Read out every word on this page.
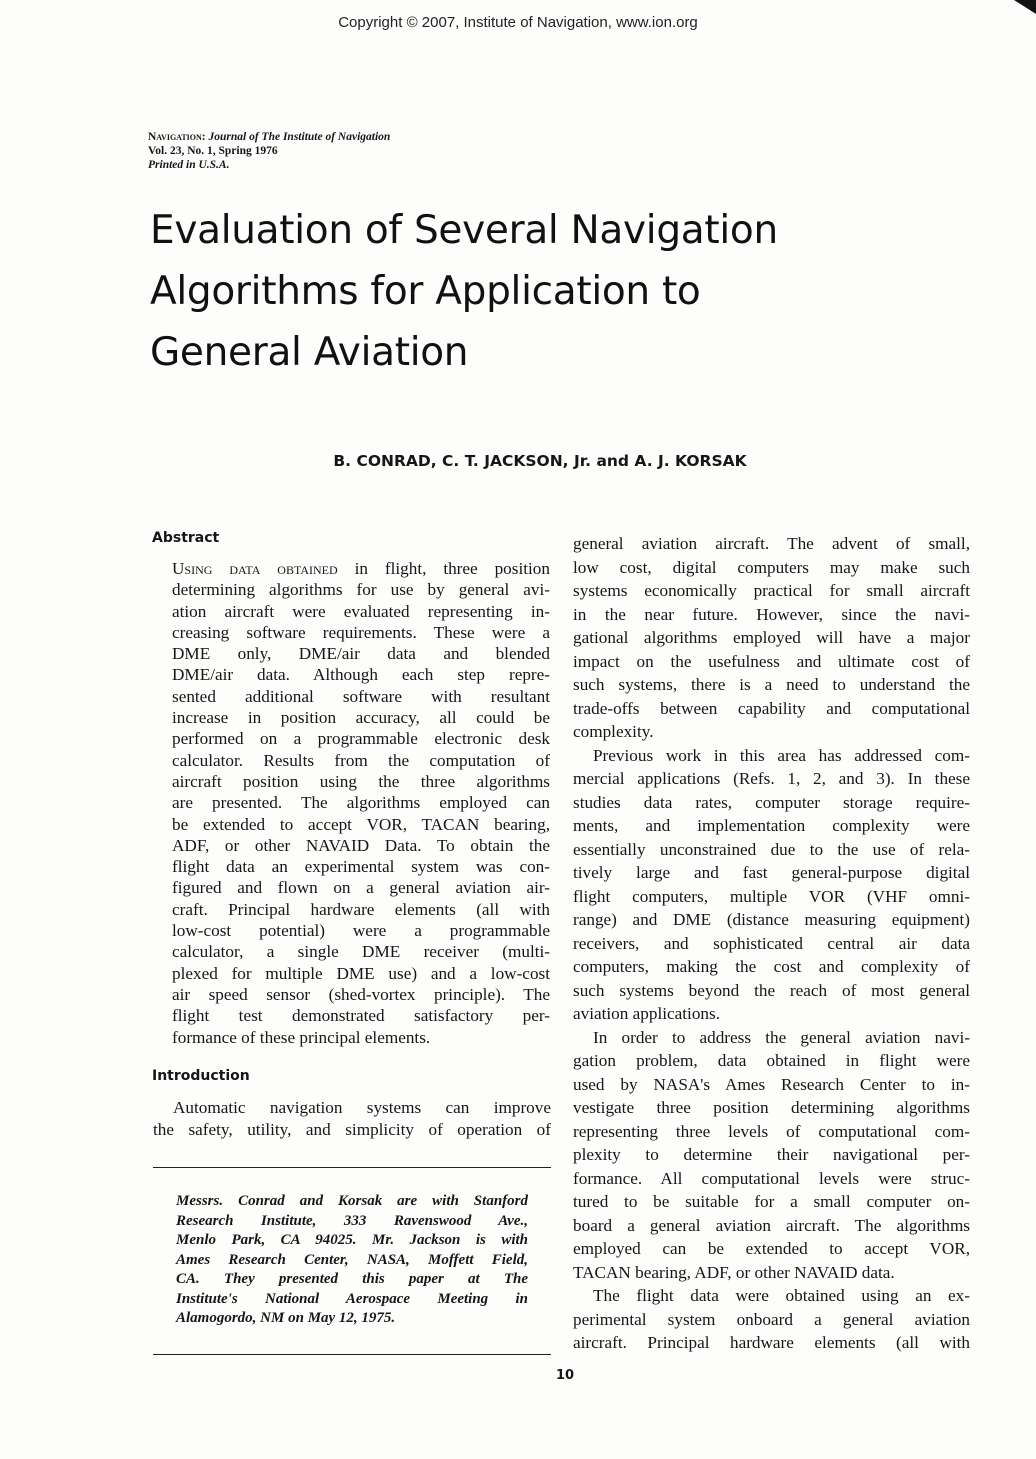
Copyright © 2007, Institute of Navigation, www.ion.org
Navigation: Journal of The Institute of Navigation
Vol. 23, No. 1, Spring 1976
Printed in U.S.A.
Evaluation of Several Navigation
Algorithms for Application to
General Aviation
B. CONRAD, C. T. JACKSON, Jr. and A. J. KORSAK
Abstract
Using data obtained in flight, three position
determining algorithms for use by general avi-
ation aircraft were evaluated representing in-
creasing software requirements. These were a
DME only, DME/air data and blended
DME/air data. Although each step repre-
sented additional software with resultant
increase in position accuracy, all could be
performed on a programmable electronic desk
calculator. Results from the computation of
aircraft position using the three algorithms
are presented. The algorithms employed can
be extended to accept VOR, TACAN bearing,
ADF, or other NAVAID Data. To obtain the
flight data an experimental system was con-
figured and flown on a general aviation air-
craft. Principal hardware elements (all with
low-cost potential) were a programmable
calculator, a single DME receiver (multi-
plexed for multiple DME use) and a low-cost
air speed sensor (shed-vortex principle). The
flight test demonstrated satisfactory per-
formance of these principal elements.
Introduction
Automatic navigation systems can improve
the safety, utility, and simplicity of operation of
Messrs. Conrad and Korsak are with Stanford
Research Institute, 333 Ravenswood Ave.,
Menlo Park, CA 94025. Mr. Jackson is with
Ames Research Center, NASA, Moffett Field,
CA. They presented this paper at The
Institute's National Aerospace Meeting in
Alamogordo, NM on May 12, 1975.
general aviation aircraft. The advent of small,
low cost, digital computers may make such
systems economically practical for small aircraft
in the near future. However, since the navi-
gational algorithms employed will have a major
impact on the usefulness and ultimate cost of
such systems, there is a need to understand the
trade-offs between capability and computational
complexity.
Previous work in this area has addressed com-
mercial applications (Refs. 1, 2, and 3). In these
studies data rates, computer storage require-
ments, and implementation complexity were
essentially unconstrained due to the use of rela-
tively large and fast general-purpose digital
flight computers, multiple VOR (VHF omni-
range) and DME (distance measuring equipment)
receivers, and sophisticated central air data
computers, making the cost and complexity of
such systems beyond the reach of most general
aviation applications.
In order to address the general aviation navi-
gation problem, data obtained in flight were
used by NASA's Ames Research Center to in-
vestigate three position determining algorithms
representing three levels of computational com-
plexity to determine their navigational per-
formance. All computational levels were struc-
tured to be suitable for a small computer on-
board a general aviation aircraft. The algorithms
employed can be extended to accept VOR,
TACAN bearing, ADF, or other NAVAID data.
The flight data were obtained using an ex-
perimental system onboard a general aviation
aircraft. Principal hardware elements (all with
10
